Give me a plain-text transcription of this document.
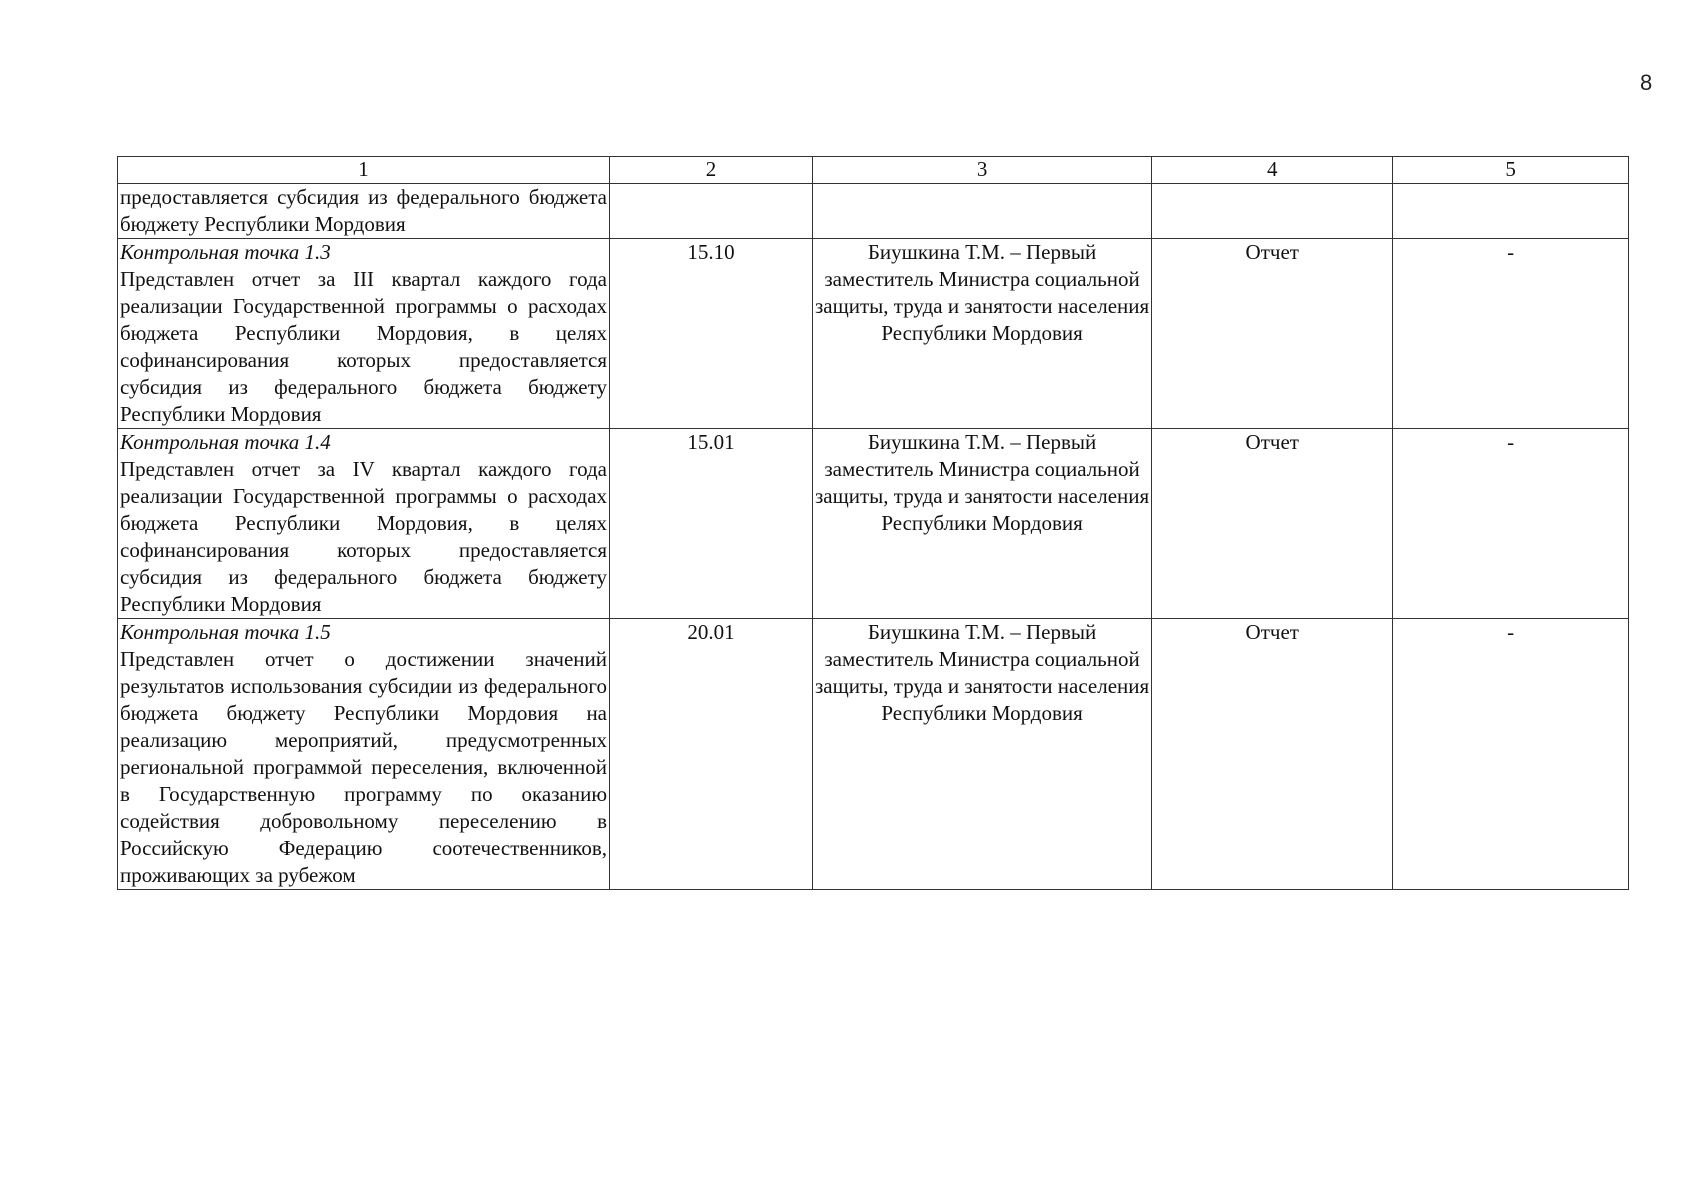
8
1	2	3	4	5

предоставляется субсидия из федерального бюджета бюджету Республики Мордовия				

Контрольная точка 1.3
Представлен отчет за III квартал каждого года реализации Государственной программы о расходах бюджета Республики Мордовия, в целях софинансирования которых предоставляется субсидия из федерального бюджета бюджету Республики Мордовия	15.10	Биушкина Т.М. – Первый заместитель Министра социальной защиты, труда и занятости населения Республики Мордовия	Отчет	-

Контрольная точка 1.4
Представлен отчет за IV квартал каждого года реализации Государственной программы о расходах бюджета Республики Мордовия, в целях софинансирования которых предоставляется субсидия из федерального бюджета бюджету Республики Мордовия	15.01	Биушкина Т.М. – Первый заместитель Министра социальной защиты, труда и занятости населения Республики Мордовия	Отчет	-

Контрольная точка 1.5
Представлен отчет о достижении значений результатов использования субсидии из федерального бюджета бюджету Республики Мордовия на реализацию мероприятий, предусмотренных региональной программой переселения, включенной в Государственную программу по оказанию содействия добровольному переселению в Российскую Федерацию соотечественников, проживающих за рубежом	20.01	Биушкина Т.М. – Первый заместитель Министра социальной защиты, труда и занятости населения Республики Мордовия	Отчет	-
